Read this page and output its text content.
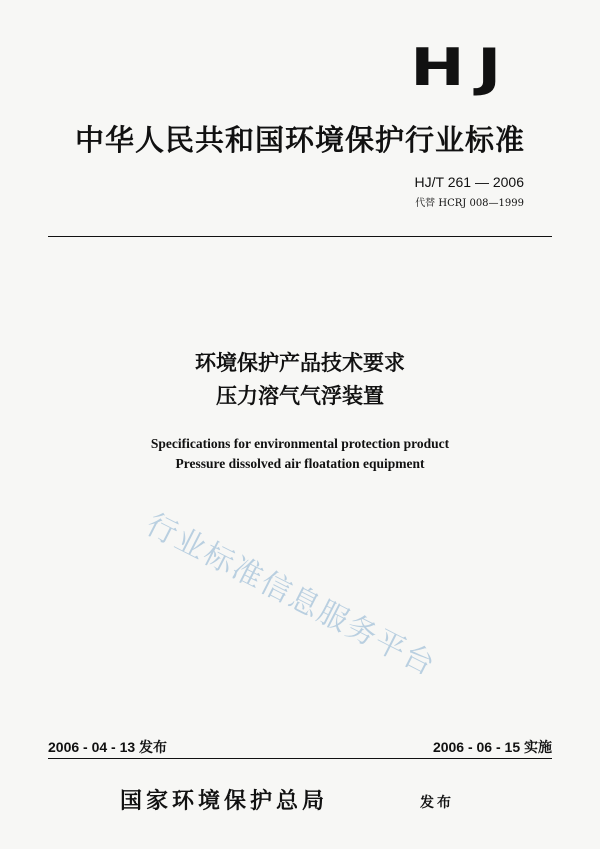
HJ
中华人民共和国环境保护行业标准
HJ/T 261 — 2006
代替 HCRJ 008—1999
环境保护产品技术要求
压力溶气气浮装置
Specifications for environmental protection product
Pressure dissolved air floatation equipment
行业标准信息服务平台
2006 - 04 - 13 发布	2006 - 06 - 15 实施
国家环境保护总局	发布
